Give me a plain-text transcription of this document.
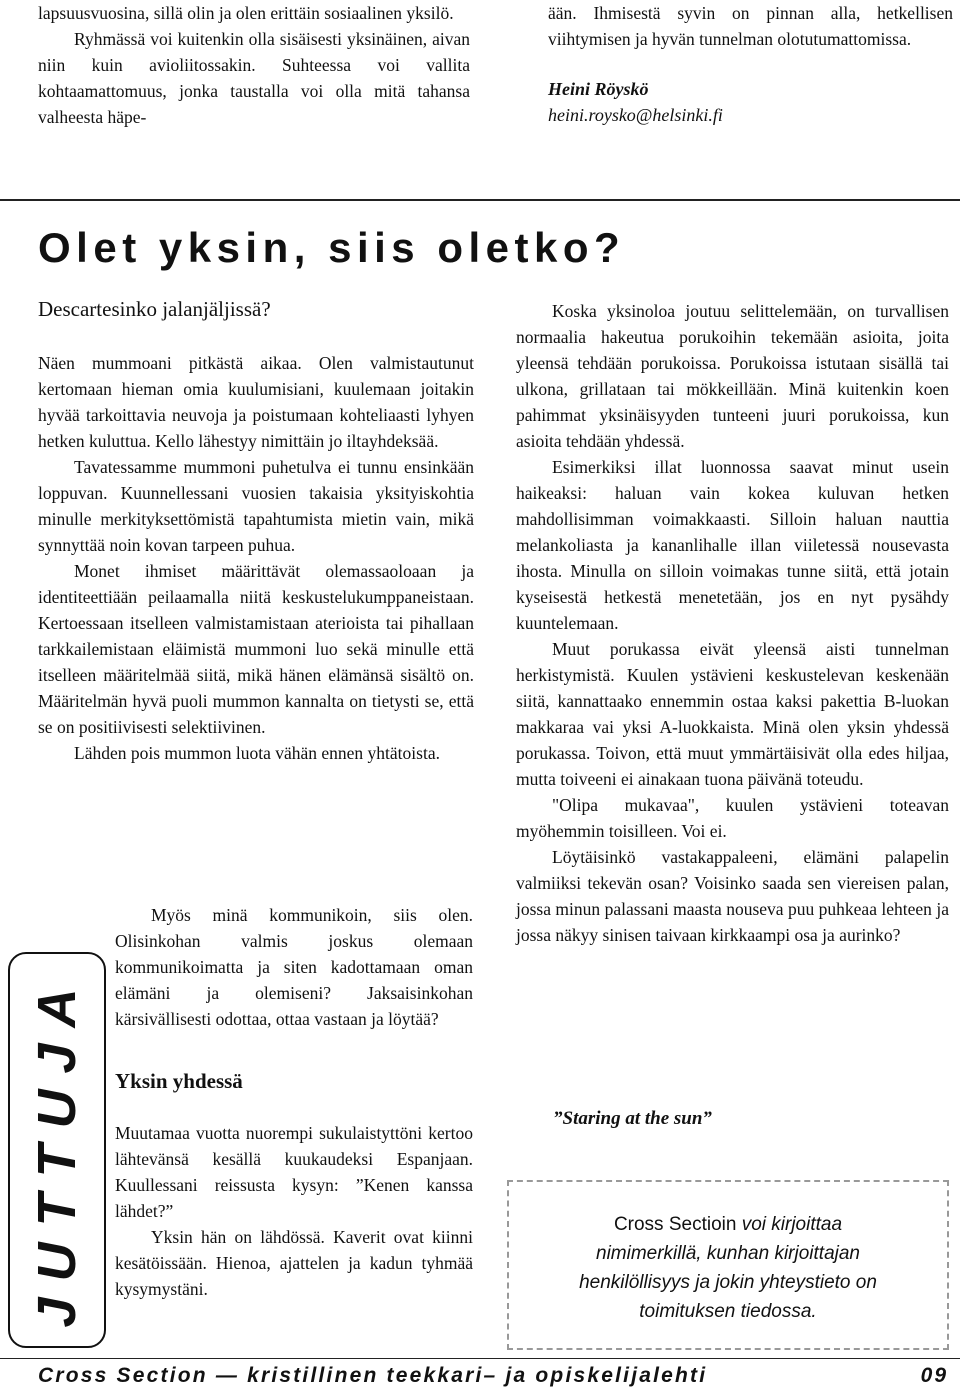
lapsuusvuosina, sillä olin ja olen erittäin sosiaalinen yksilö.

Ryhmässä voi kuitenkin olla sisäisesti yksinäinen, aivan niin kuin avioliitossakin. Suhteessa voi vallita kohtaamattomuus, jonka taustalla voi olla mitä tahansa valheesta häpe-

ään. Ihmisestä syvin on pinnan alla, hetkellisen viihtymisen ja hyvän tunnelman olotutumattomissa.

Heini Röyskö
heini.roysko@helsinki.fi
Olet yksin, siis oletko?
Descartesinko jalanjäljissä?

Näen mummoani pitkästä aikaa. Olen valmistautunut kertomaan hieman omia kuulumisiani, kuulemaan joitakin hyvää tarkoittavia neuvoja ja poistumaan kohteliaasti lyhyen hetken kuluttua. Kello lähestyy nimittäin jo iltayhdeksää.

Tavatessamme mummoni puhetulva ei tunnu ensinkään loppuvan. Kuunnellessani vuosien takaisia yksityiskohtia minulle merkityksettömistä tapahtumista mietin vain, mikä synnyttää noin kovan tarpeen puhua.

Monet ihmiset määrittävät olemassaoloaan ja identiteettiään peilaamalla niitä keskustelukumppaneistaan. Kertoessaan itselleen valmistamistaan aterioista tai pihallaan tarkkailemistaan eläimistä mummoni luo sekä minulle että itselleen määritelmää siitä, mikä hänen elämänsä sisältö on. Määritelmän hyvä puoli mummon kannalta on tietysti se, että se on positiivisesti selektiivinen.

Lähden pois mummon luota vähän ennen yhtätoista.

Myös minä kommunikoin, siis olen. Olisinkohan valmis joskus olemaan kommunikoimatta ja siten kadottamaan oman elämäni ja olemiseni? Jaksaisinkohan kärsivällisesti odottaa, ottaa vastaan ja löytää?

Yksin yhdessä

Muutamaa vuotta nuorempi sukulaistyttöni kertoo lähtevänsä kesällä kuukaudeksi Espanjaan. Kuullessani reissusta kysyn: ”Kenen kanssa lähdet?”

Yksin hän on lähdössä. Kaverit ovat kiinni kesätöissään. Hienoa, ajattelen ja kadun tyhmää kysymystäni.

JUTTUJA

Koska yksinoloa joutuu selittelemään, on turvallisen normaalia hakeutua porukoihin tekemään asioita, joita yleensä tehdään porukoissa. Porukoissa istutaan sisällä tai ulkona, grillataan tai mökkeillään. Minä kuitenkin koen pahimmat yksinäisyyden tunteeni juuri porukoissa, kun asioita tehdään yhdessä.

Esimerkiksi illat luonnossa saavat minut usein haikeaksi: haluan vain kokea kuluvan hetken mahdollisimman voimakkaasti. Silloin haluan nauttia melankoliasta ja kananlihalle illan viiletessä nousevasta ihosta. Minulla on silloin voimakas tunne siitä, että jotain kyseisestä hetkestä menetetään, jos en nyt pysähdy kuuntelemaan.

Muut porukassa eivät yleensä aisti tunnelman herkistymistä. Kuulen ystävieni keskustelevan keskenään siitä, kannattaako ennemmin ostaa kaksi pakettia B-luokan makkaraa vai yksi A-luokkaista. Minä olen yksin yhdessä porukassa. Toivon, että muut ymmärtäisivät olla edes hiljaa, mutta toiveeni ei ainakaan tuona päivänä toteudu.

"Olipa mukavaa", kuulen ystävieni toteavan myöhemmin toisilleen. Voi ei.

Löytäisinkö vastakappaleeni, elämäni palapelin valmiiksi tekevän osan? Voisinko saada sen viereisen palan, jossa minun palassani maasta nouseva puu puhkeaa lehteen ja jossa näkyy sinisen taivaan kirkkaampi osa ja aurinko?

”Staring at the sun”
Cross Sectioin voi kirjoittaa
nimimerkillä, kunhan kirjoittajan
henkilöllisyys ja jokin yhteystieto on
toimituksen tiedossa.
Cross Section — kristillinen teekkari– ja opiskelijalehti	09
